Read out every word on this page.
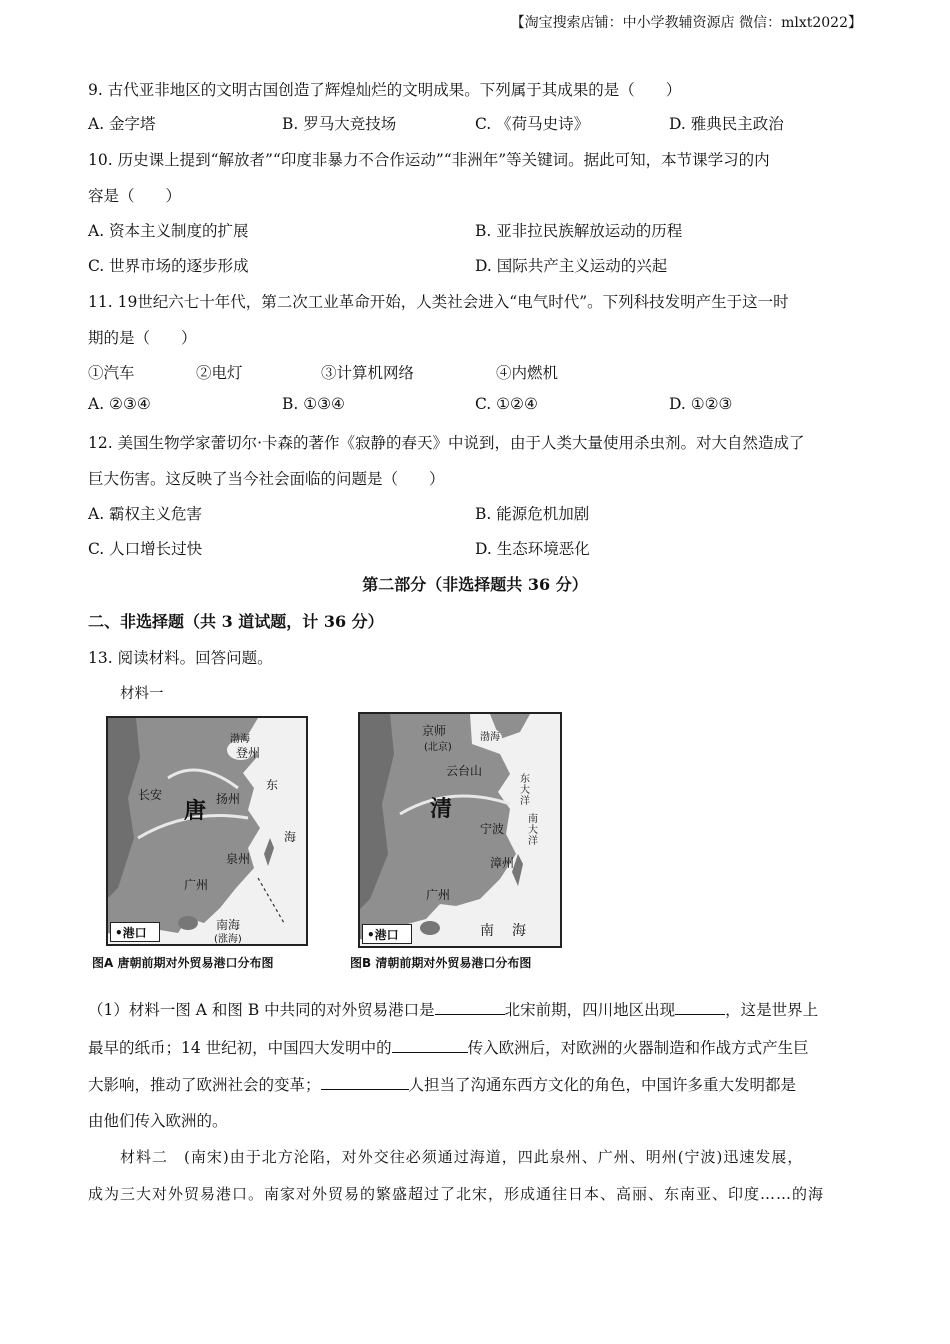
【淘宝搜索店铺：中小学教辅资源店 微信：mlxt2022】
9. 古代亚非地区的文明古国创造了辉煌灿烂的文明成果。下列属于其成果的是（　　）
A. 金字塔	B. 罗马大竞技场	C. 《荷马史诗》	D. 雅典民主政治
10. 历史课上提到“解放者”“印度非暴力不合作运动”“非洲年”等关键词。据此可知，本节课学习的内
容是（　　）
A. 资本主义制度的扩展	B. 亚非拉民族解放运动的历程
C. 世界市场的逐步形成	D. 国际共产主义运动的兴起
11. 19世纪六七十年代，第二次工业革命开始，人类社会进入“电气时代”。下列科技发明产生于这一时
期的是（　　）
①汽车	②电灯	③计算机网络	④内燃机
A. ②③④	B. ①③④	C. ①②④	D. ①②③
12. 美国生物学家蕾切尔·卡森的著作《寂静的春天》中说到，由于人类大量使用杀虫剂。对大自然造成了
巨大伤害。这反映了当今社会面临的问题是（　　）
A. 霸权主义危害	B. 能源危机加剧
C. 人口增长过快	D. 生态环境恶化
第二部分（非选择题共 36 分）
二、非选择题（共 3 道试题，计 36 分）
13. 阅读材料。回答问题。
材料一
长安	扬州
登州
泉州
广州
渤海
东
海
南海
(涨海)
唐
•港口
图A 唐朝前期对外贸易港口分布图
京师
(北京)
渤海
云台山
东大洋
宁波
南大洋
漳州
广州
南 海
清
•港口
图B 清朝前期对外贸易港口分布图
（1）材料一图 A 和图 B 中共同的对外贸易港口是	北宋前期，四川地区出现	，这是世界上
最早的纸币；14 世纪初，中国四大发明中的	传入欧洲后，对欧洲的火器制造和作战方式产生巨
大影响，推动了欧洲社会的变革；	人担当了沟通东西方文化的角色，中国许多重大发明都是
由他们传入欧洲的。
材料二　(南宋)由于北方沦陷，对外交往必须通过海道，四此泉州、广州、明州(宁波)迅速发展，
成为三大对外贸易港口。南家对外贸易的繁盛超过了北宋，形成通往日本、高丽、东南亚、印度……的海
